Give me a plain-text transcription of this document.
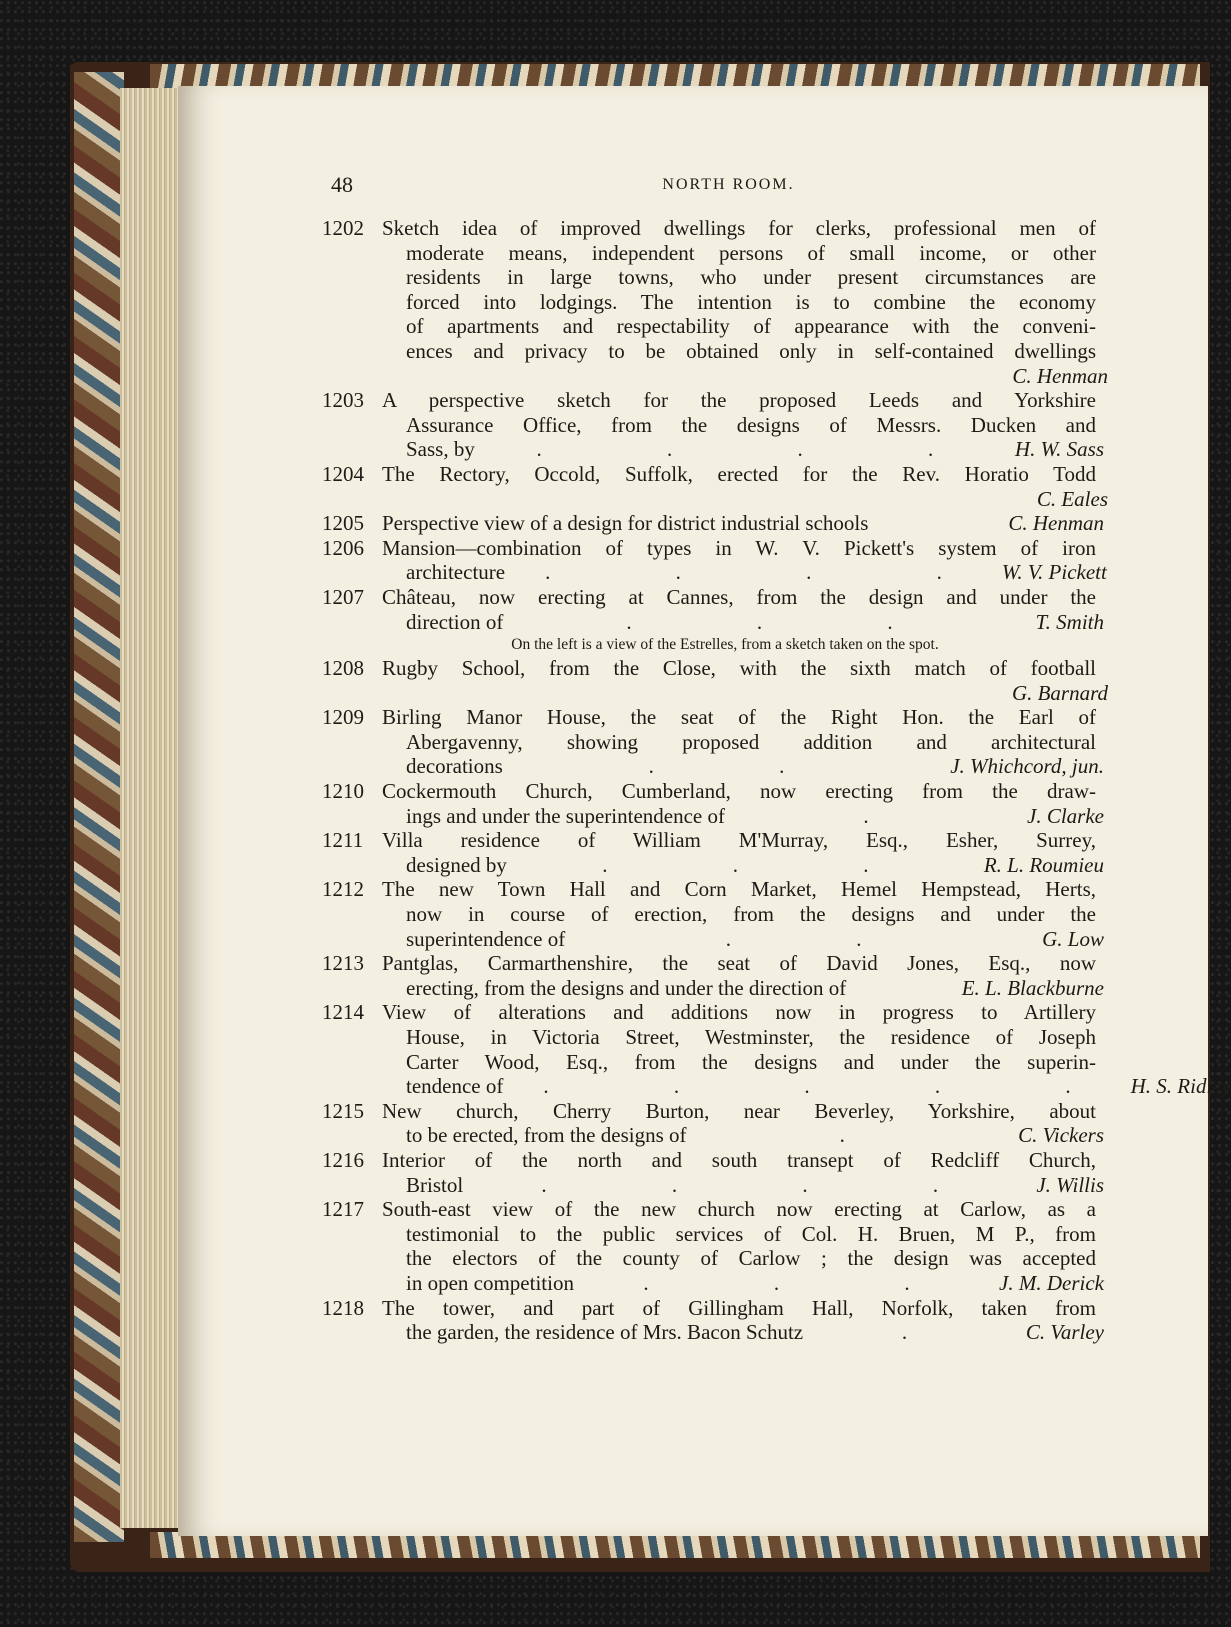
48	NORTH ROOM.
1202 Sketch idea of improved dwellings for clerks, professional men of
moderate means, independent persons of small income, or other
residents in large towns, who under present circumstances are
forced into lodgings. The intention is to combine the economy
of apartments and respectability of appearance with the conveni-
ences and privacy to be obtained only in self-contained dwellings
C. Henman
1203 A perspective sketch for the proposed Leeds and Yorkshire
Assurance Office, from the designs of Messrs. Ducken and
Sass, by	. . . .	H. W. Sass
1204 The Rectory, Occold, Suffolk, erected for the Rev. Horatio Todd
C. Eales
1205 Perspective view of a design for district industrial schools	C. Henman
1206 Mansion—combination of types in W. V. Pickett's system of iron
architecture	. . . . W. V. Pickett
1207 Château, now erecting at Cannes, from the design and under the
direction of	. . .	T. Smith
On the left is a view of the Estrelles, from a sketch taken on the spot.
1208 Rugby School, from the Close, with the sixth match of football
G. Barnard
1209 Birling Manor House, the seat of the Right Hon. the Earl of
Abergavenny, showing proposed addition and architectural
decorations	. .	J. Whichcord, jun.
1210 Cockermouth Church, Cumberland, now erecting from the draw-
ings and under the superintendence of	.	J. Clarke
1211 Villa residence of William M'Murray, Esq., Esher, Surrey,
designed by	. . .	R. L. Roumieu
1212 The new Town Hall and Corn Market, Hemel Hempstead, Herts,
now in course of erection, from the designs and under the
superintendence of	. .	G. Low
1213 Pantglas, Carmarthenshire, the seat of David Jones, Esq., now
erecting, from the designs and under the direction of	E. L. Blackburne
1214 View of alterations and additions now in progress to Artillery
House, in Victoria Street, Westminster, the residence of Joseph
Carter Wood, Esq., from the designs and under the superin-
tendence of	. . . . . H. S. Ridley
1215 New church, Cherry Burton, near Beverley, Yorkshire, about
to be erected, from the designs of	.	C. Vickers
1216 Interior of the north and south transept of Redcliff Church,
Bristol	. . . .	J. Willis
1217 South-east view of the new church now erecting at Carlow, as a
testimonial to the public services of Col. H. Bruen, M P., from
the electors of the county of Carlow ; the design was accepted
in open competition	. . .	J. M. Derick
1218 The tower, and part of Gillingham Hall, Norfolk, taken from
the garden, the residence of Mrs. Bacon Schutz	.	C. Varley
